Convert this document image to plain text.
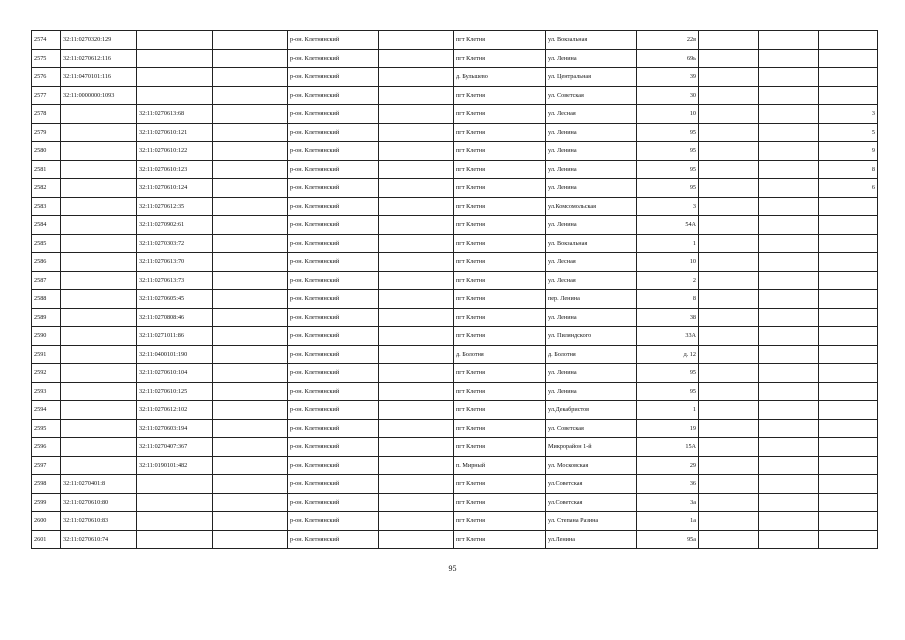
2574	32:11:0270320:129			р-он. Клетнянский		пгт Клетня	ул. Вокзальная	22в			
2575	32:11:0270612:116			р-он. Клетнянский		пгт Клетня	ул. Ленина	69ь			
2576	32:11:0470101:116			р-он. Клетнянский		д. Бульшево	ул. Центральная	39			
2577	32:11:0000000:1093			р-он. Клетнянский		пгт Клетня	ул. Советская	30			
2578		32:11:0270613:68		р-он. Клетнянский		пгт Клетня	ул. Лесная	10			3
2579		32:11:0270610:121		р-он. Клетнянский		пгт Клетня	ул. Ленина	95			5
2580		32:11:0270610:122		р-он. Клетнянский		пгт Клетня	ул. Ленина	95			9
2581		32:11:0270610:123		р-он. Клетнянский		пгт Клетня	ул. Ленина	95			8
2582		32:11:0270610:124		р-он. Клетнянский		пгт Клетня	ул. Ленина	95			6
2583		32:11:0270612:35		р-он. Клетнянский		пгт Клетня	ул.Комсомольская	3			
2584		32:11:0270902:61		р-он. Клетнянский		пгт Клетня	ул. Ленина	54А			
2585		32:11:0270303:72		р-он. Клетнянский		пгт Клетня	ул. Вокзальная	1			
2586		32:11:0270613:70		р-он. Клетнянский		пгт Клетня	ул. Лесная	10			
2587		32:11:0270613:73		р-он. Клетнянский		пгт Клетня	ул. Лесная	2			
2588		32:11:0270605:45		р-он. Клетнянский		пгт Клетня	пер. Ленина	8			
2589		32:11:0270808:46		р-он. Клетнянский		пгт Клетня	ул. Ленина	38			
2590		32:11:0271011:86		р-он. Клетнянский		пгт Клетня	ул. Пиляндского	33А			
2591		32:11:0400101:190		р-он. Клетнянский		д. Болотня	д. Болотня	д. 12			
2592		32:11:0270610:104		р-он. Клетнянский		пгт Клетня	ул. Ленина	95			
2593		32:11:0270610:125		р-он. Клетнянский		пгт Клетня	ул. Ленина	95			
2594		32:11:0270612:102		р-он. Клетнянский		пгт Клетня	ул.Декабристов	1			
2595		32:11:0270603:194		р-он. Клетнянский		пгт Клетня	ул. Советская	19			
2596		32:11:0270407:367		р-он. Клетнянский		пгт Клетня	Микрорайон 1-й	15А			
2597		32:11:0190101:482		р-он. Клетнянский		п. Мирный	ул. Московская	29			
2598	32:11:0270401:8			р-он. Клетнянский		пгт Клетня	ул.Советская	36			
2599	32:11:0270610:80			р-он. Клетнянский		пгт Клетня	ул.Советская	3а			
2600	32:11:0270610:83			р-он. Клетнянский		пгт Клетня	ул. Степана Разина	1а			
2601	32:11:0270610:74			р-он. Клетнянский		пгт Клетня	ул.Ленина	95а			
95
